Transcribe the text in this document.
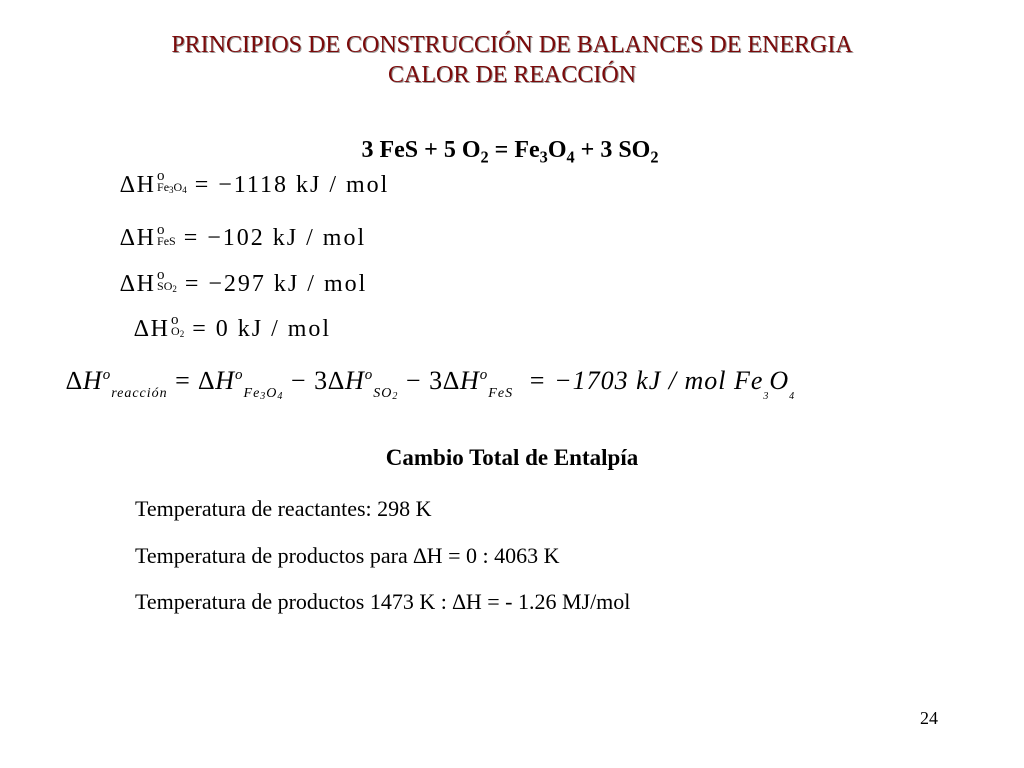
PRINCIPIOS DE CONSTRUCCIÓN DE BALANCES DE ENERGIA
CALOR DE REACCIÓN
3 FeS + 5 $O_2 = Fe_3O_4 + 3$ $SO_2$
∆H o
$Fe_3O_4 = -1118$ kJ / mol
∆H o
FeS = −102 kJ / mol
∆H o
$SO_2 = -297$ kJ / mol
∆H o
$O_2 = 0$ kJ / mol
$\Delta H^o_{reacción} = \Delta H^o_{Fe_3O_4} - 3\Delta H^o_{SO_2} - 3\Delta H^o_{FeS} = -1703$ kJ / mol $Fe_{_3}O_{_4}$
Cambio Total de Entalpía
Temperatura de reactantes: 298 K
Temperatura de productos para ∆H = 0 : 4063 K
Temperatura de productos 1473 K : ∆H = - 1.26 MJ/mol
24
